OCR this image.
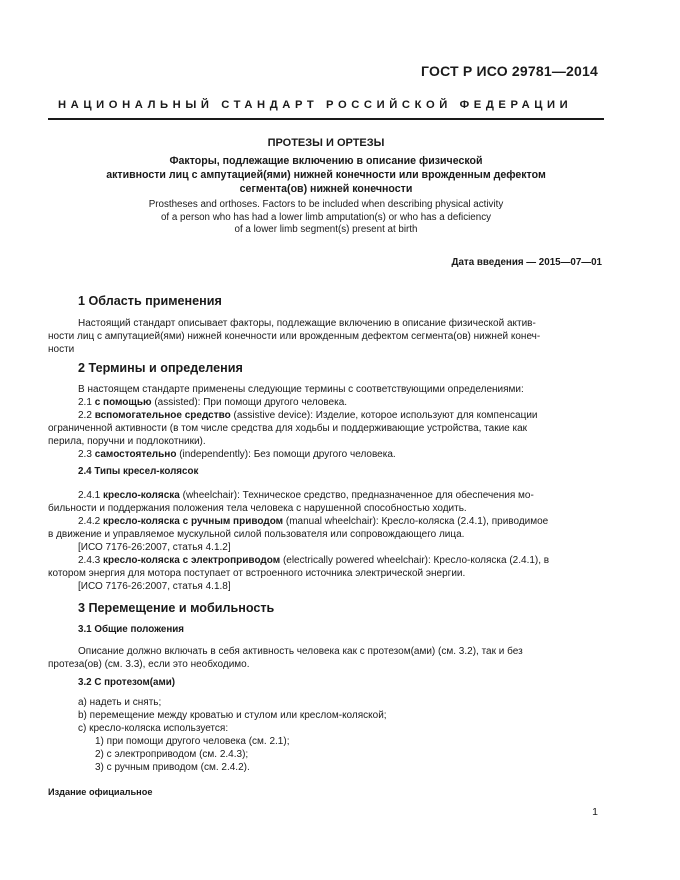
ГОСТ Р ИСО 29781—2014
НАЦИОНАЛЬНЫЙ СТАНДАРТ РОССИЙСКОЙ ФЕДЕРАЦИИ
ПРОТЕЗЫ И ОРТЕЗЫ
Факторы, подлежащие включению в описание физической
активности лиц с ампутацией(ями) нижней конечности или врожденным дефектом
сегмента(ов) нижней конечности
Prostheses and orthoses. Factors to be included when describing physical activity
of a person who has had a lower limb amputation(s) or who has a deficiency
of a lower limb segment(s) present at birth
Дата введения — 2015—07—01
1 Область применения
Настоящий стандарт описывает факторы, подлежащие включению в описание физической актив-
ности лиц с ампутацией(ями) нижней конечности или врожденным дефектом сегмента(ов) нижней конеч-
ности
2 Термины и определения
В настоящем стандарте применены следующие термины с соответствующими определениями:
2.1 с помощью (assisted): При помощи другого человека.
2.2 вспомогательное средство (assistive device): Изделие, которое используют для компенсации
ограниченной активности (в том числе средства для ходьбы и поддерживающие устройства, такие как
перила, поручни и подлокотники).
2.3 самостоятельно (independently): Без помощи другого человека.
2.4 Типы кресел-колясок
2.4.1 кресло-коляска (wheelchair): Техническое средство, предназначенное для обеспечения мо-
бильности и поддержания положения тела человека с нарушенной способностью ходить.
2.4.2 кресло-коляска с ручным приводом (manual wheelchair): Кресло-коляска (2.4.1), приводимое
в движение и управляемое мускульной силой пользователя или сопровождающего лица.
[ИСО 7176-26:2007, статья 4.1.2]
2.4.3 кресло-коляска с электроприводом (electrically powered wheelchair): Кресло-коляска (2.4.1), в
котором энергия для мотора поступает от встроенного источника электрической энергии.
[ИСО 7176-26:2007, статья 4.1.8]
3 Перемещение и мобильность
3.1 Общие положения
Описание должно включать в себя активность человека как с протезом(ами) (см. 3.2), так и без
протеза(ов) (см. 3.3), если это необходимо.
3.2 С протезом(ами)
а) надеть и снять;
b) перемещение между кроватью и стулом или креслом-коляской;
c) кресло-коляска используется:
1) при помощи другого человека (см. 2.1);
2) с электроприводом (см. 2.4.3);
3) с ручным приводом (см. 2.4.2).
Издание официальное
1
